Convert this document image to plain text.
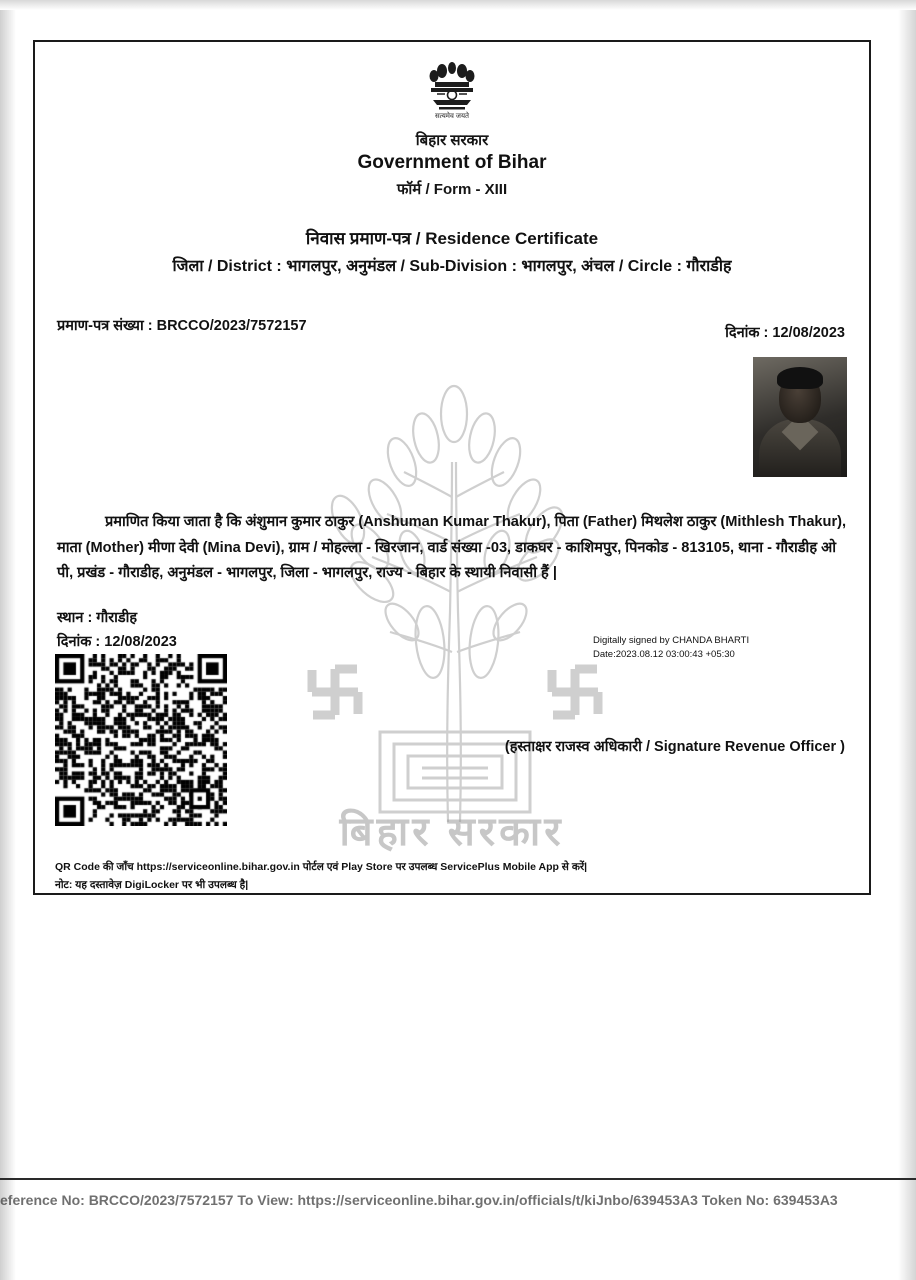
सत्यमेव जयते
बिहार सरकार
Government of Bihar
फॉर्म / Form - XIII
निवास प्रमाण-पत्र / Residence Certificate
जिला / District : भागलपुर, अनुमंडल / Sub-Division : भागलपुर, अंचल / Circle : गौराडीह
बिहार सरकार
प्रमाण-पत्र संख्या : BRCCO/2023/7572157	दिनांक : 12/08/2023
प्रमाणित किया जाता है कि अंशुमान कुमार ठाकुर (Anshuman Kumar Thakur), पिता (Father) मिथलेश ठाकुर (Mithlesh Thakur), माता (Mother) मीणा देवी (Mina Devi), ग्राम / मोहल्ला - खिरजान, वार्ड संख्या -03, डाकघर - काशिमपुर, पिनकोड - 813105, थाना - गौराडीह ओ पी, प्रखंड - गौराडीह, अनुमंडल - भागलपुर, जिला - भागलपुर, राज्य - बिहार के स्थायी निवासी हैं |
स्थान : गौराडीह
दिनांक : 12/08/2023	Digitally signed by CHANDA BHARTI
Date:2023.08.12 03:00:43 +05:30
(हस्ताक्षर राजस्व अधिकारी / Signature Revenue Officer )
QR Code की जाँच https://serviceonline.bihar.gov.in पोर्टल एवं Play Store पर उपलब्ध ServicePlus Mobile App से करें|
नोट: यह दस्तावेज़ DigiLocker पर भी उपलब्ध है|
eference No: BRCCO/2023/7572157 To View: https://serviceonline.bihar.gov.in/officials/t/kiJnbo/639453A3 Token No: 639453A3
